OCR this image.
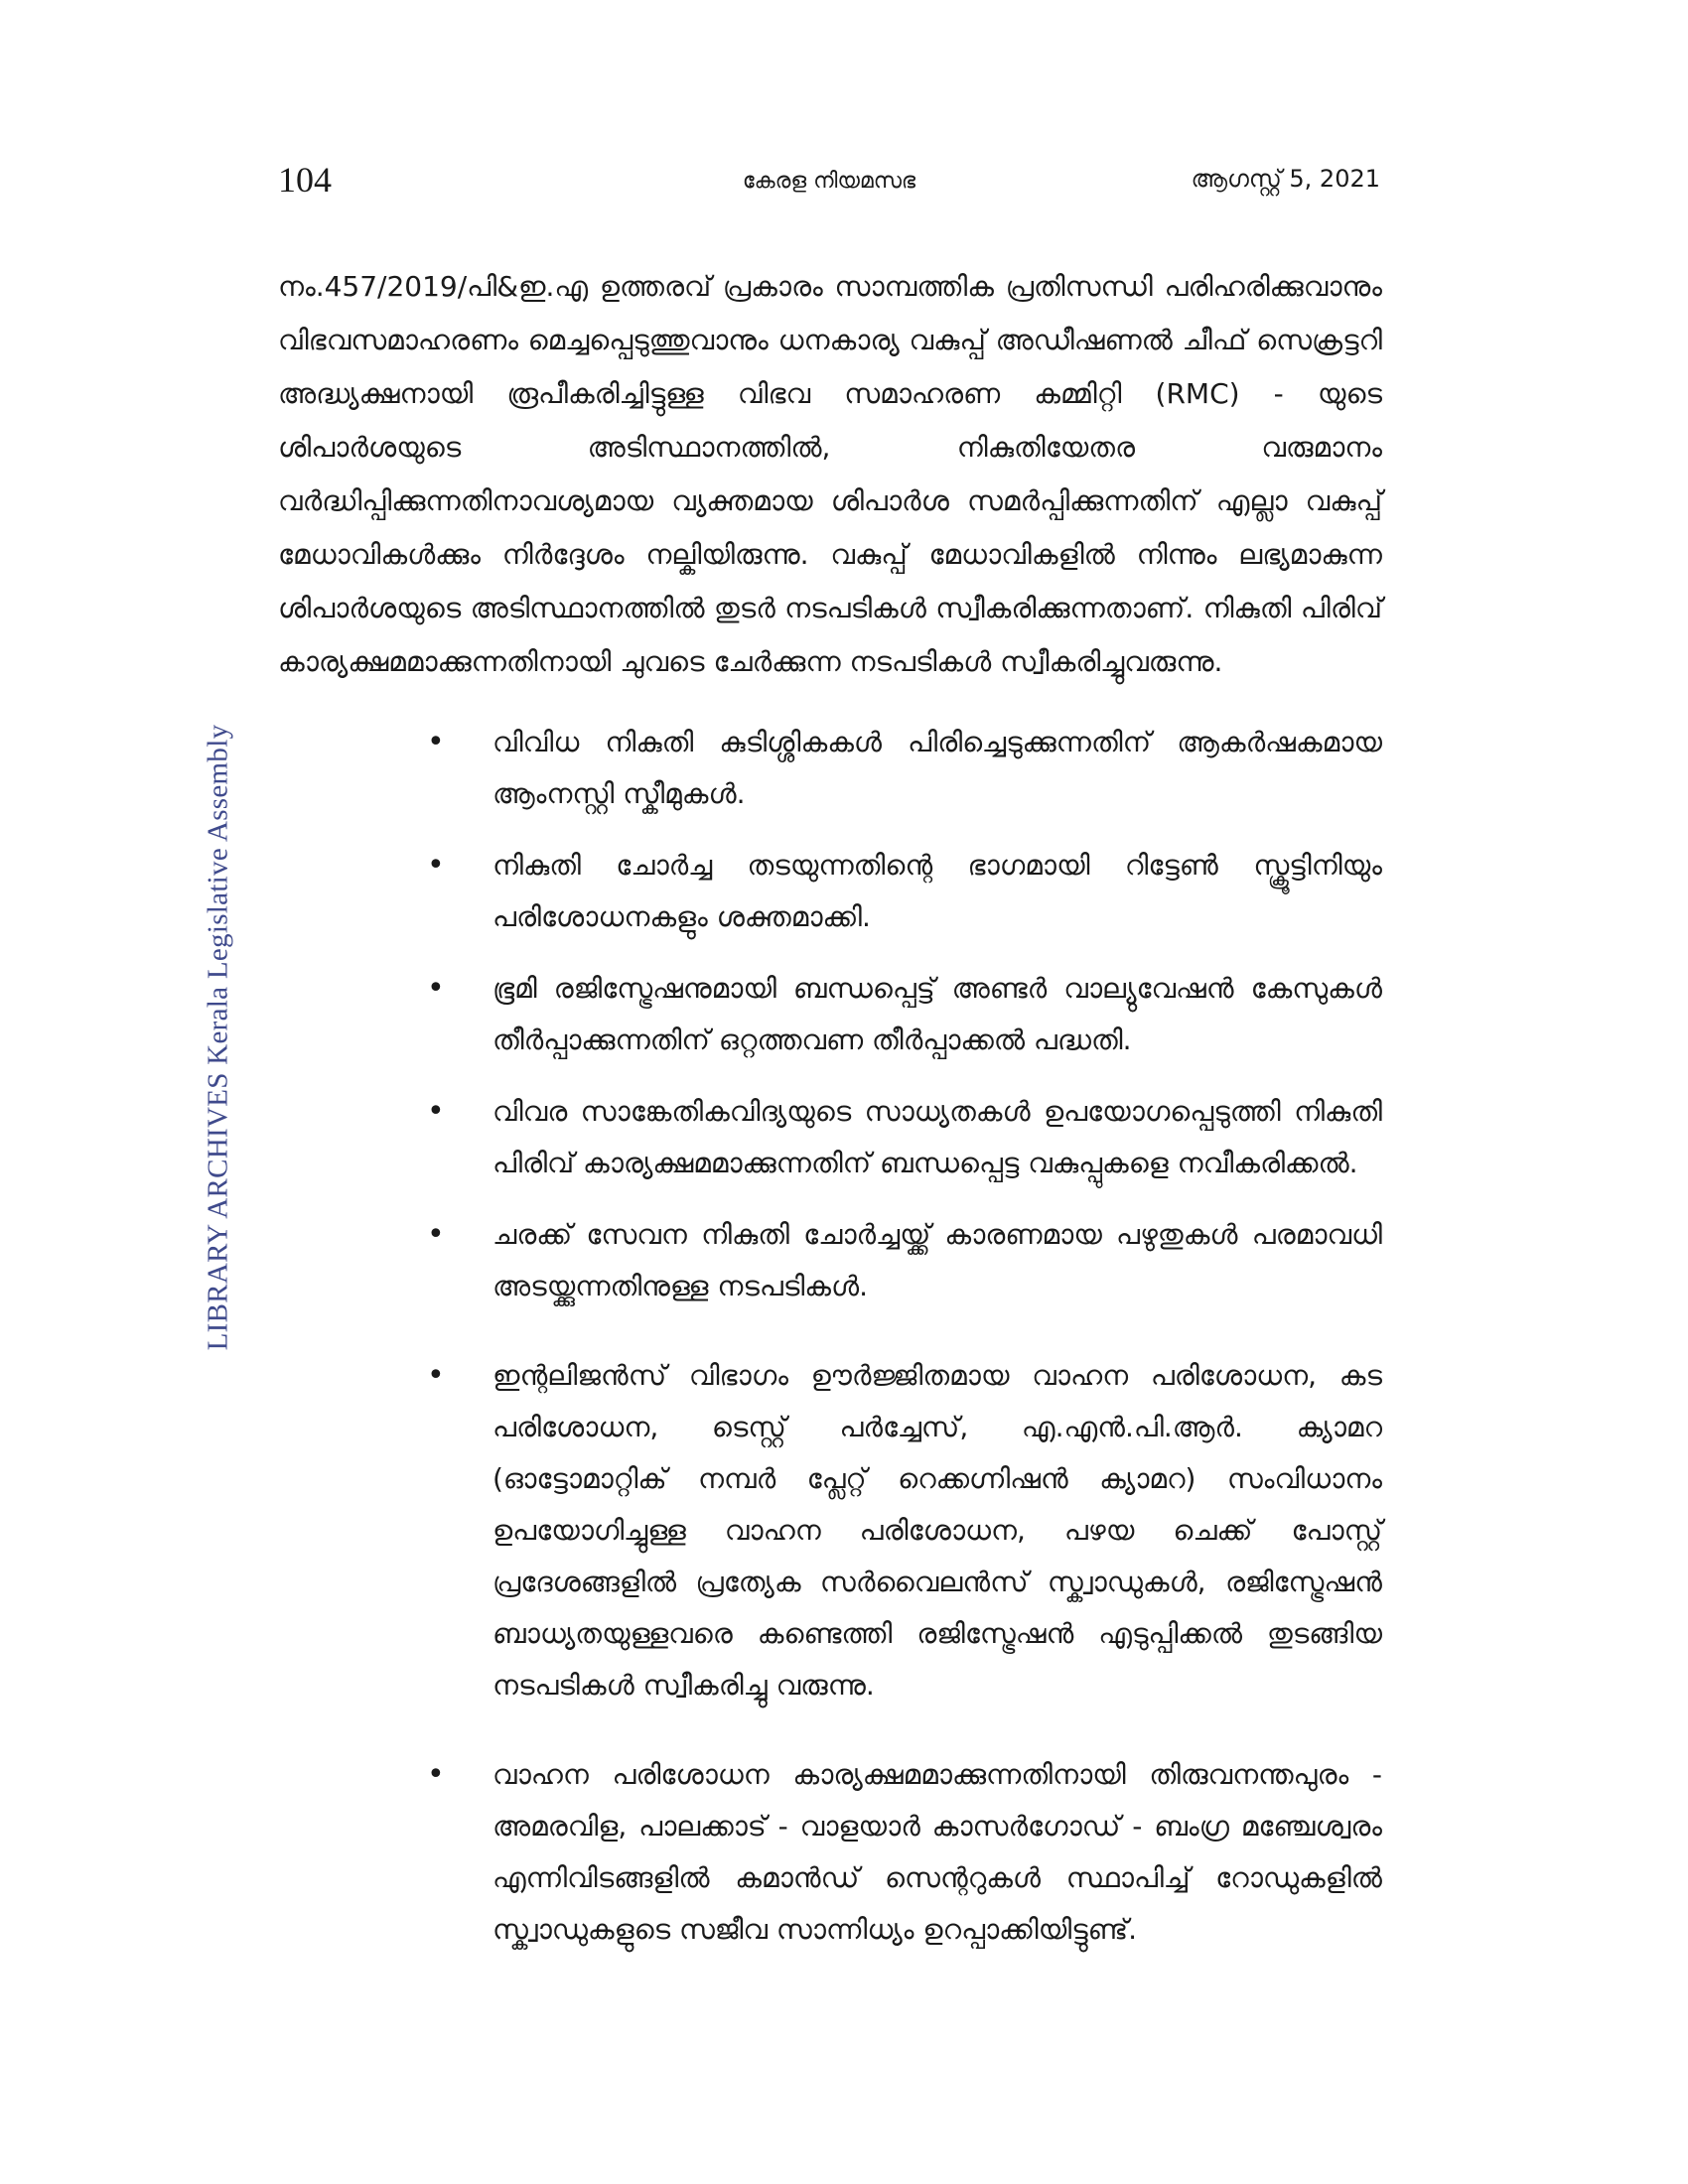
104	കേരള നിയമസഭ	ആഗസ്റ്റ് 5, 2021
LIBRARY ARCHIVES Kerala Legislative Assembly

നം.457/2019/പി&ഇ.എ ഉത്തരവ് പ്രകാരം സാമ്പത്തിക പ്രതിസന്ധി പരിഹരിക്കുവാനും വിഭവസമാഹരണം മെച്ചപ്പെടുത്തുവാനും ധനകാര്യ വകുപ്പ് അഡീഷണൽ ചീഫ് സെക്രട്ടറി അദ്ധ്യക്ഷനായി രൂപീകരിച്ചിട്ടുള്ള വിഭവ സമാഹരണ കമ്മിറ്റി (RMC) - യുടെ ശിപാർശയുടെ അടിസ്ഥാനത്തിൽ, നികുതിയേതര വരുമാനം വർദ്ധിപ്പിക്കുന്നതിനാവശ്യമായ വ്യക്തമായ ശിപാർശ സമർപ്പിക്കുന്നതിന് എല്ലാ വകുപ്പ് മേധാവികൾക്കും നിർദ്ദേശം നല്കിയിരുന്നു. വകുപ്പ് മേധാവികളിൽ നിന്നും ലഭ്യമാകുന്ന ശിപാർശയുടെ അടിസ്ഥാനത്തിൽ തുടർ നടപടികൾ സ്വീകരിക്കുന്നതാണ്. നികുതി പിരിവ് കാര്യക്ഷമമാക്കുന്നതിനായി ചുവടെ ചേർക്കുന്ന നടപടികൾ സ്വീകരിച്ചുവരുന്നു.

• വിവിധ നികുതി കുടിശ്ശികകൾ പിരിച്ചെടുക്കുന്നതിന് ആകർഷകമായ ആംനസ്റ്റി സ്കീമുകൾ.
• നികുതി ചോർച്ച തടയുന്നതിന്റെ ഭാഗമായി റിട്ടേൺ സ്ക്രൂട്ടിനിയും പരിശോധനകളും ശക്തമാക്കി.
• ഭൂമി രജിസ്ട്രേഷനുമായി ബന്ധപ്പെട്ട് അണ്ടർ വാല്യുവേഷൻ കേസുകൾ തീർപ്പാക്കുന്നതിന് ഒറ്റത്തവണ തീർപ്പാക്കൽ പദ്ധതി.
• വിവര സാങ്കേതികവിദ്യയുടെ സാധ്യതകൾ ഉപയോഗപ്പെടുത്തി നികുതി പിരിവ് കാര്യക്ഷമമാക്കുന്നതിന് ബന്ധപ്പെട്ട വകുപ്പുകളെ നവീകരിക്കൽ.
• ചരക്ക് സേവന നികുതി ചോർച്ചയ്ക്ക് കാരണമായ പഴുതുകൾ പരമാവധി അടയ്ക്കുന്നതിനുള്ള നടപടികൾ.
• ഇന്റലിജൻസ് വിഭാഗം ഊർജ്ജിതമായ വാഹന പരിശോധന, കട പരിശോധന, ടെസ്റ്റ് പർച്ചേസ്, എ.എൻ.പി.ആർ. ക്യാമറ (ഓട്ടോമാറ്റിക് നമ്പർ പ്ലേറ്റ് റെക്കഗ്നിഷൻ ക്യാമറ) സംവിധാനം ഉപയോഗിച്ചുള്ള വാഹന പരിശോധന, പഴയ ചെക്ക് പോസ്റ്റ് പ്രദേശങ്ങളിൽ പ്രത്യേക സർവൈലൻസ് സ്ക്വാഡുകൾ, രജിസ്ട്രേഷൻ ബാധ്യതയുള്ളവരെ കണ്ടെത്തി രജിസ്ട്രേഷൻ എടുപ്പിക്കൽ തുടങ്ങിയ നടപടികൾ സ്വീകരിച്ചു വരുന്നു.
• വാഹന പരിശോധന കാര്യക്ഷമമാക്കുന്നതിനായി തിരുവനന്തപുരം - അമരവിള, പാലക്കാട് - വാളയാർ കാസർഗോഡ് - ബംഗ്ര മഞ്ചേശ്വരം എന്നിവിടങ്ങളിൽ കമാൻഡ് സെന്ററുകൾ സ്ഥാപിച്ച് റോഡുകളിൽ സ്ക്വാഡുകളുടെ സജീവ സാന്നിധ്യം ഉറപ്പാക്കിയിട്ടുണ്ട്.
